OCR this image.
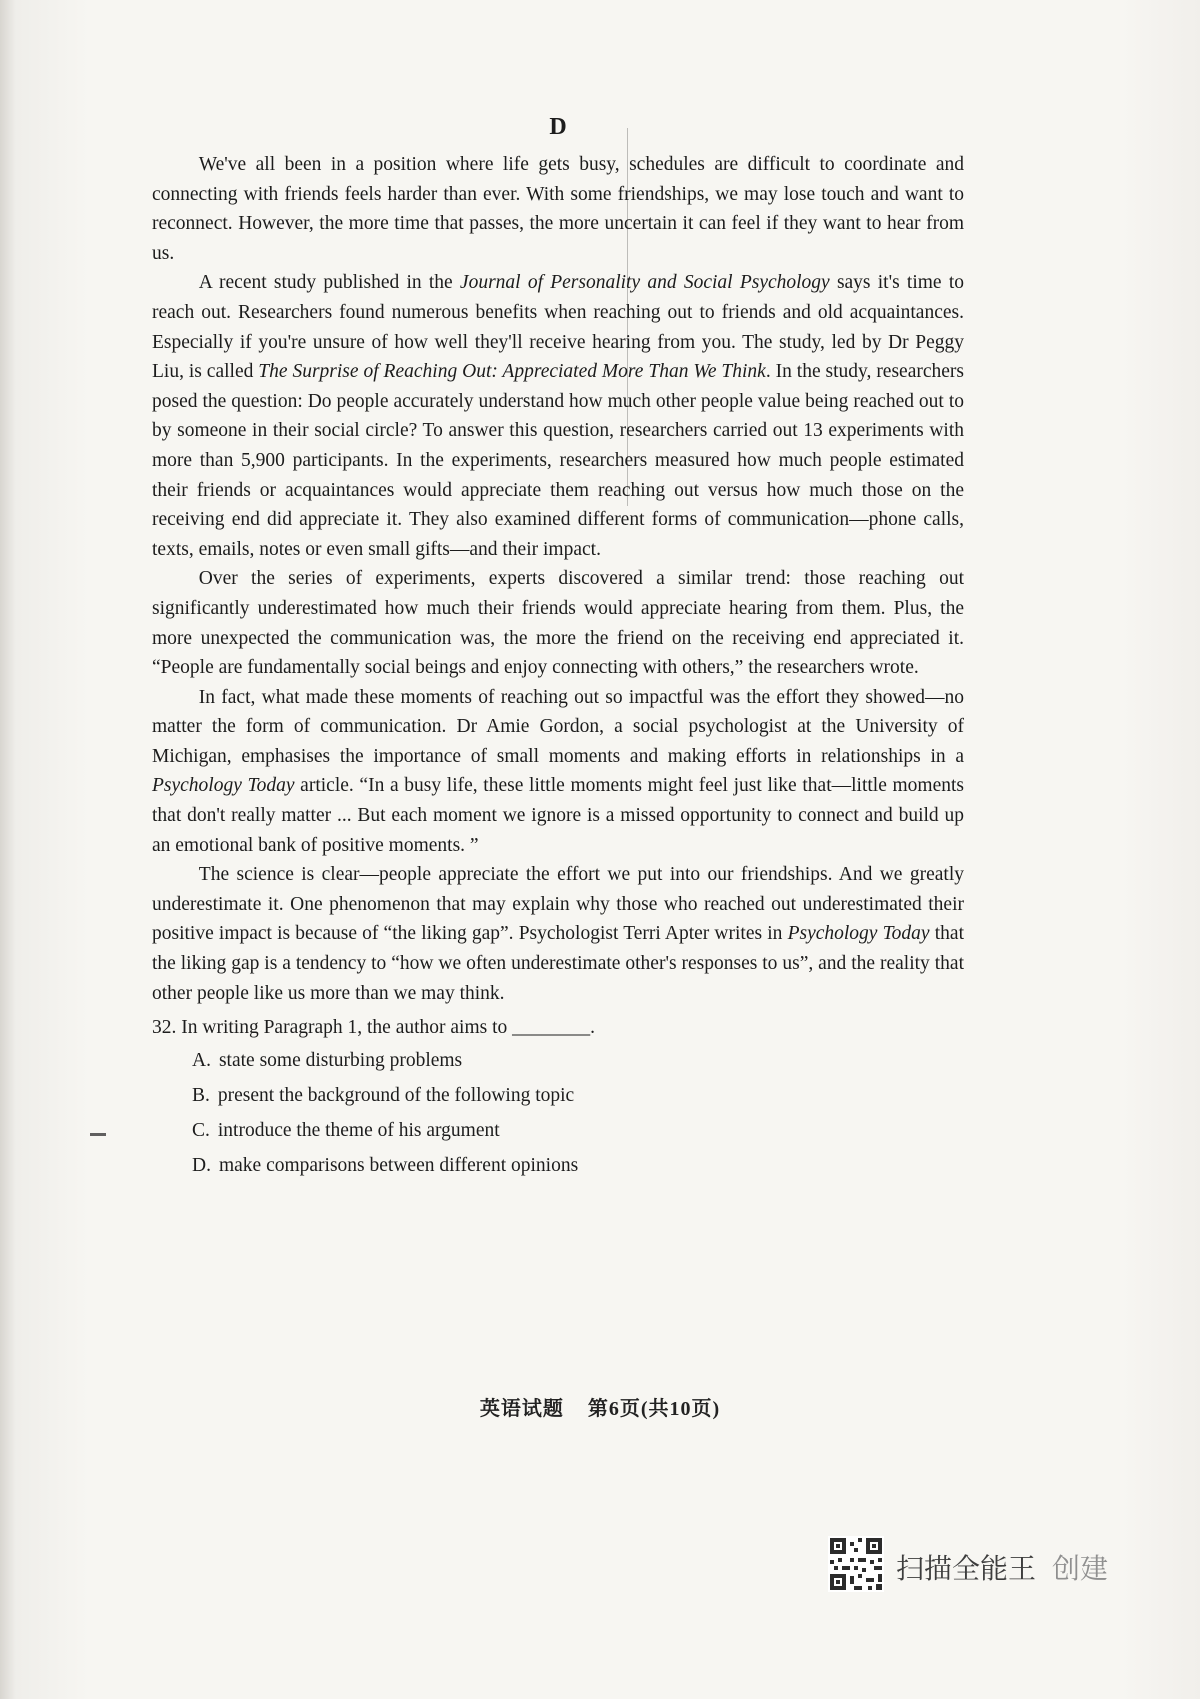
D

We've all been in a position where life gets busy, schedules are difficult to coordinate and connecting with friends feels harder than ever. With some friendships, we may lose touch and want to reconnect. However, the more time that passes, the more uncertain it can feel if they want to hear from us.

A recent study published in the Journal of Personality and Social Psychology says it's time to reach out. Researchers found numerous benefits when reaching out to friends and old acquaintances. Especially if you're unsure of how well they'll receive hearing from you. The study, led by Dr Peggy Liu, is called The Surprise of Reaching Out: Appreciated More Than We Think. In the study, researchers posed the question: Do people accurately understand how much other people value being reached out to by someone in their social circle? To answer this question, researchers carried out 13 experiments with more than 5,900 participants. In the experiments, researchers measured how much people estimated their friends or acquaintances would appreciate them reaching out versus how much those on the receiving end did appreciate it. They also examined different forms of communication—phone calls, texts, emails, notes or even small gifts—and their impact.

Over the series of experiments, experts discovered a similar trend: those reaching out significantly underestimated how much their friends would appreciate hearing from them. Plus, the more unexpected the communication was, the more the friend on the receiving end appreciated it. “People are fundamentally social beings and enjoy connecting with others,” the researchers wrote.

In fact, what made these moments of reaching out so impactful was the effort they showed—no matter the form of communication. Dr Amie Gordon, a social psychologist at the University of Michigan, emphasises the importance of small moments and making efforts in relationships in a Psychology Today article. “In a busy life, these little moments might feel just like that—little moments that don't really matter ... But each moment we ignore is a missed opportunity to connect and build up an emotional bank of positive moments. ”

The science is clear—people appreciate the effort we put into our friendships. And we greatly underestimate it. One phenomenon that may explain why those who reached out underestimated their positive impact is because of “the liking gap”. Psychologist Terri Apter writes in Psychology Today that the liking gap is a tendency to “how we often underestimate other's responses to us”, and the reality that other people like us more than we may think.

32. In writing Paragraph 1, the author aims to ________.

A. state some disturbing problems
B. present the background of the following topic
C. introduce the theme of his argument
D. make comparisons between different opinions
英语试题 第6页(共10页)
扫描全能王 创建
